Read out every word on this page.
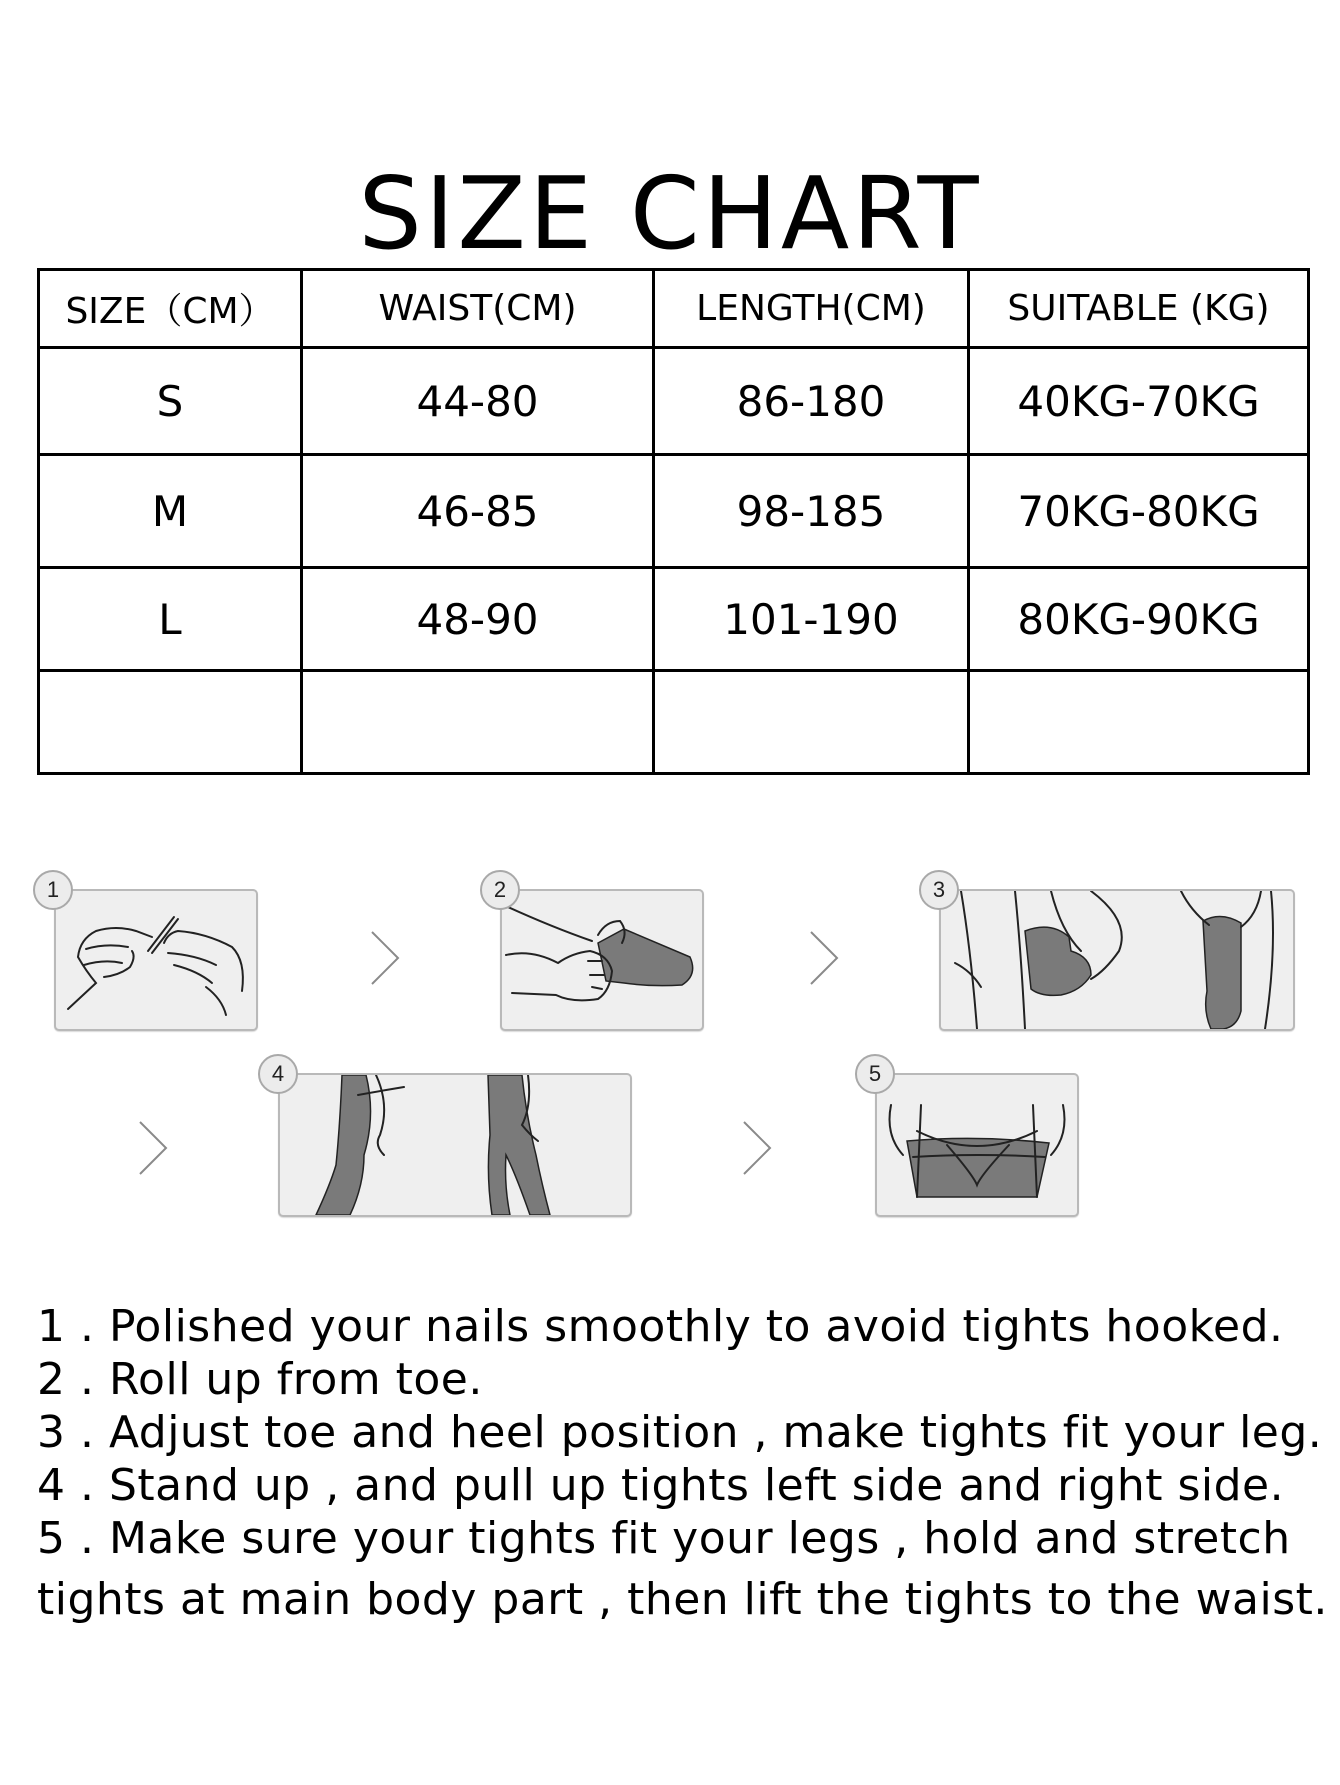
SIZE CHART
SIZE（CM）	WAIST(CM)	LENGTH(CM)	SUITABLE (KG)
S	44-80	86-180	40KG-70KG
M	46-85	98-185	70KG-80KG
L	48-90	101-190	80KG-90KG

1	2	3
4	5
1 . Polished your nails smoothly to avoid tights hooked.
2 . Roll up from toe.
3 . Adjust toe and heel position , make tights fit your leg.
4 . Stand up , and pull up tights left side and right side.
5 . Make sure your tights fit your legs , hold and stretch
tights at main body part , then lift the tights to the waist.
